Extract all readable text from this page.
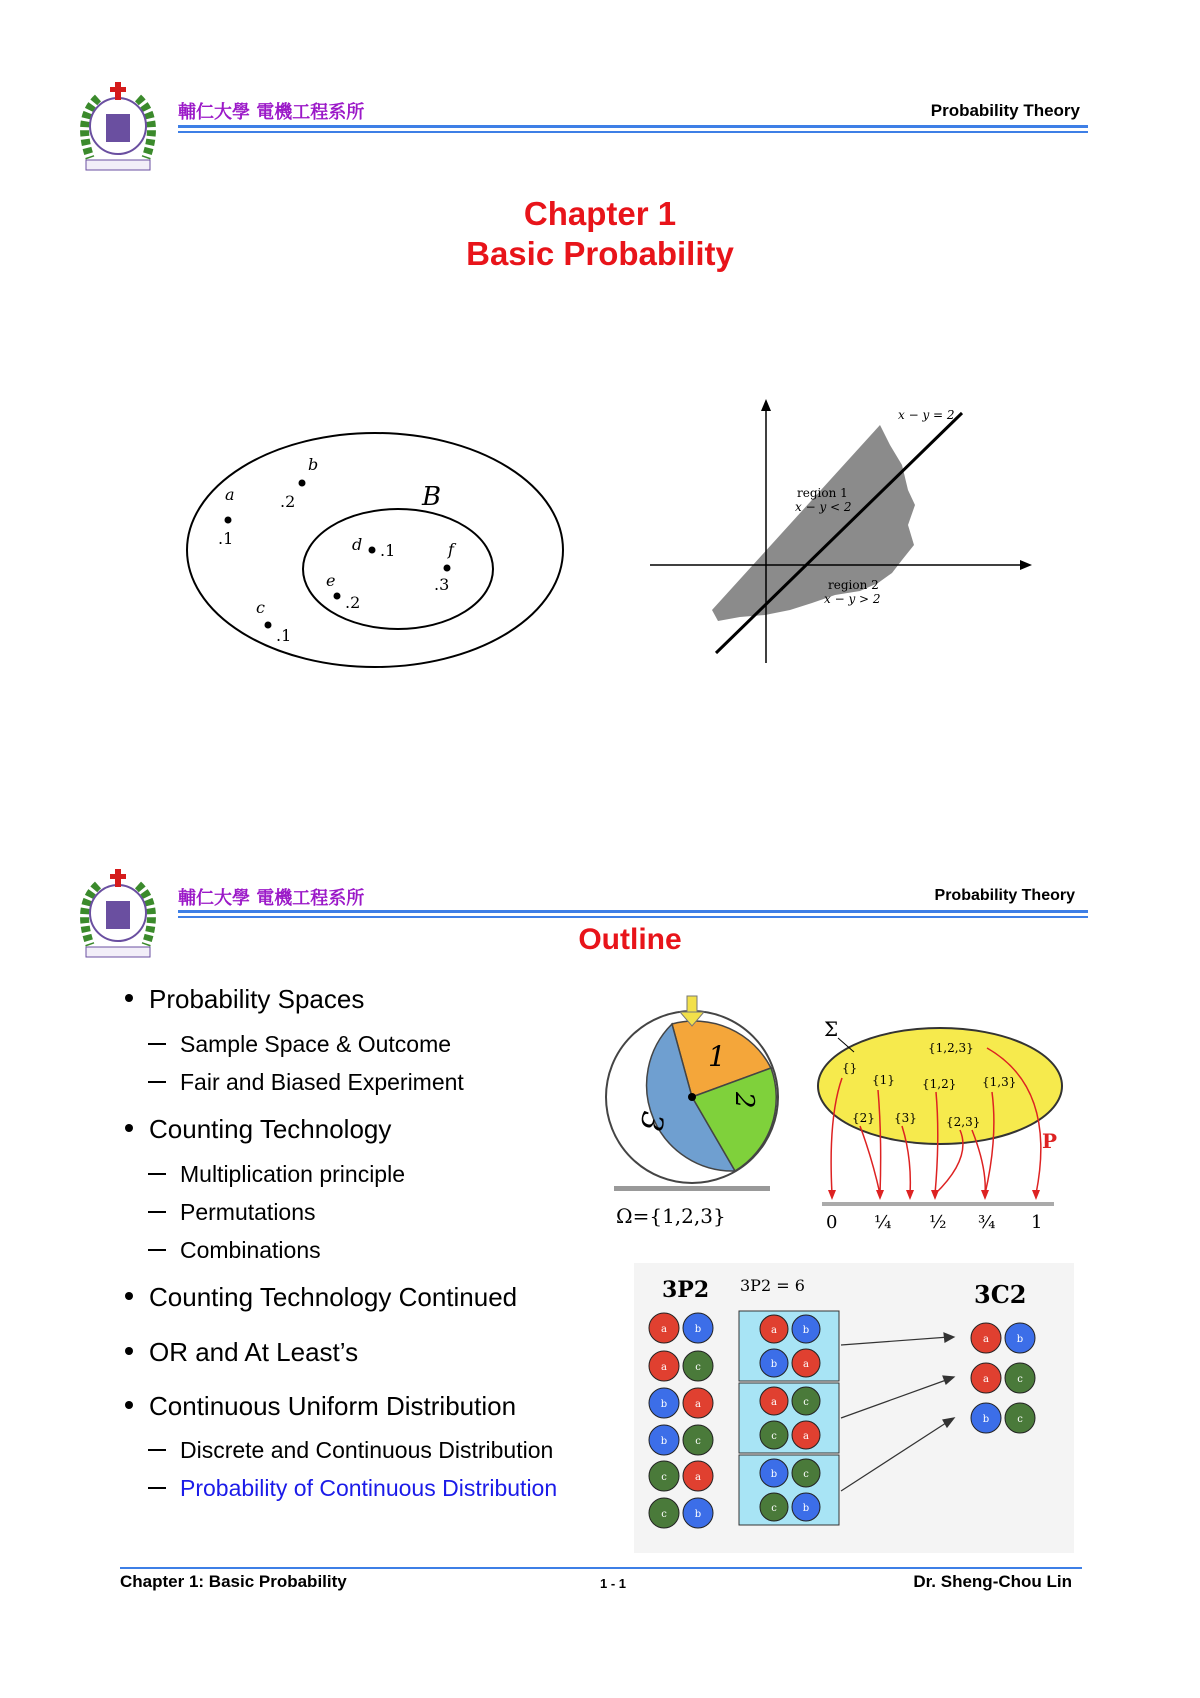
輔仁大學 電機工程系所	Probability Theory
Chapter 1
Basic Probability
B
a
.1
b
.2
c
.1
d .1
e
.2
f
.3
x − y = 2
region 1
x − y < 2
region 2
x − y > 2
輔仁大學 電機工程系所	Probability Theory
Outline
Probability Spaces
Sample Space & Outcome
Fair and Biased Experiment
Counting Technology
Multiplication principle
Permutations
Combinations
Counting Technology Continued
OR and At Least’s
Continuous Uniform Distribution
Discrete and Continuous Distribution
Probability of Continuous Distribution
1
2
3
Ω={1,2,3}
Σ
{}
{1}
{2} {3}
{1,2} {1,3}
{2,3}
{1,2,3}
P
0 ¼ ½ ¾ 1
3P2 3P2 = 6	3C2
a	b
a	c
b	a
b	c
c	a
c	b
a	b
b	a
a	c
c	a
b	c
c	b
a	b
a	c
b	c
Chapter 1: Basic Probability	1 - 1	Dr. Sheng-Chou Lin
